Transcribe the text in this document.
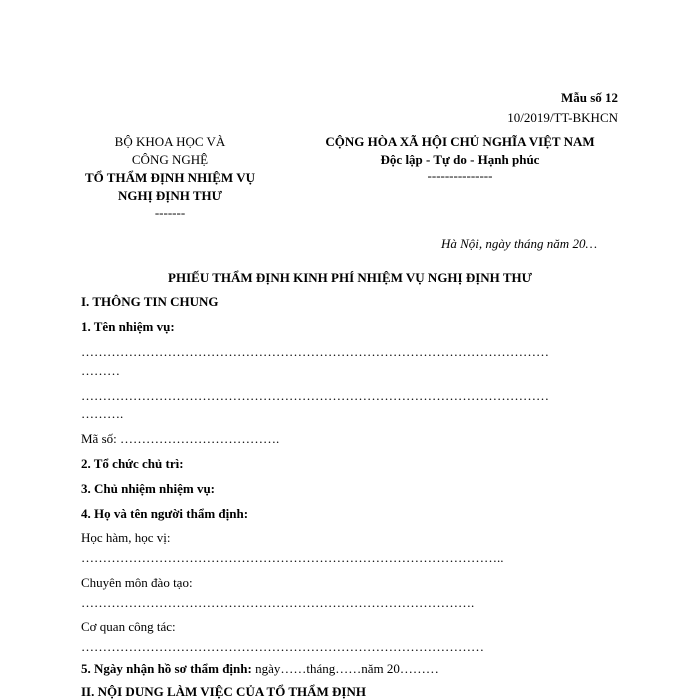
Mẫu số 12
10/2019/TT-BKHCN
BỘ KHOA HỌC VÀ
CÔNG NGHỆ
TỔ THẨM ĐỊNH NHIỆM VỤ
NGHỊ ĐỊNH THƯ
-------
CỘNG HÒA XÃ HỘI CHỦ NGHĨA VIỆT NAM
Độc lập - Tự do - Hạnh phúc
---------------
Hà Nội, ngày tháng năm 20…
PHIẾU THẨM ĐỊNH KINH PHÍ NHIỆM VỤ NGHỊ ĐỊNH THƯ
I. THÔNG TIN CHUNG
1. Tên nhiệm vụ:
………………………………………………………………………………………………
………
………………………………………………………………………………………………
……….
Mã số: ……………………………….
2. Tổ chức chủ trì:
3. Chủ nhiệm nhiệm vụ:
4. Họ và tên người thẩm định:
Học hàm, học vị:
……………………………………………………………………………………..
Chuyên môn đào tạo:
……………………………………………………………………………….
Cơ quan công tác:
…………………………………………………………………………………
5. Ngày nhận hồ sơ thẩm định: ngày……tháng……năm 20………
II. NỘI DUNG LÀM VIỆC CỦA TỔ THẨM ĐỊNH
